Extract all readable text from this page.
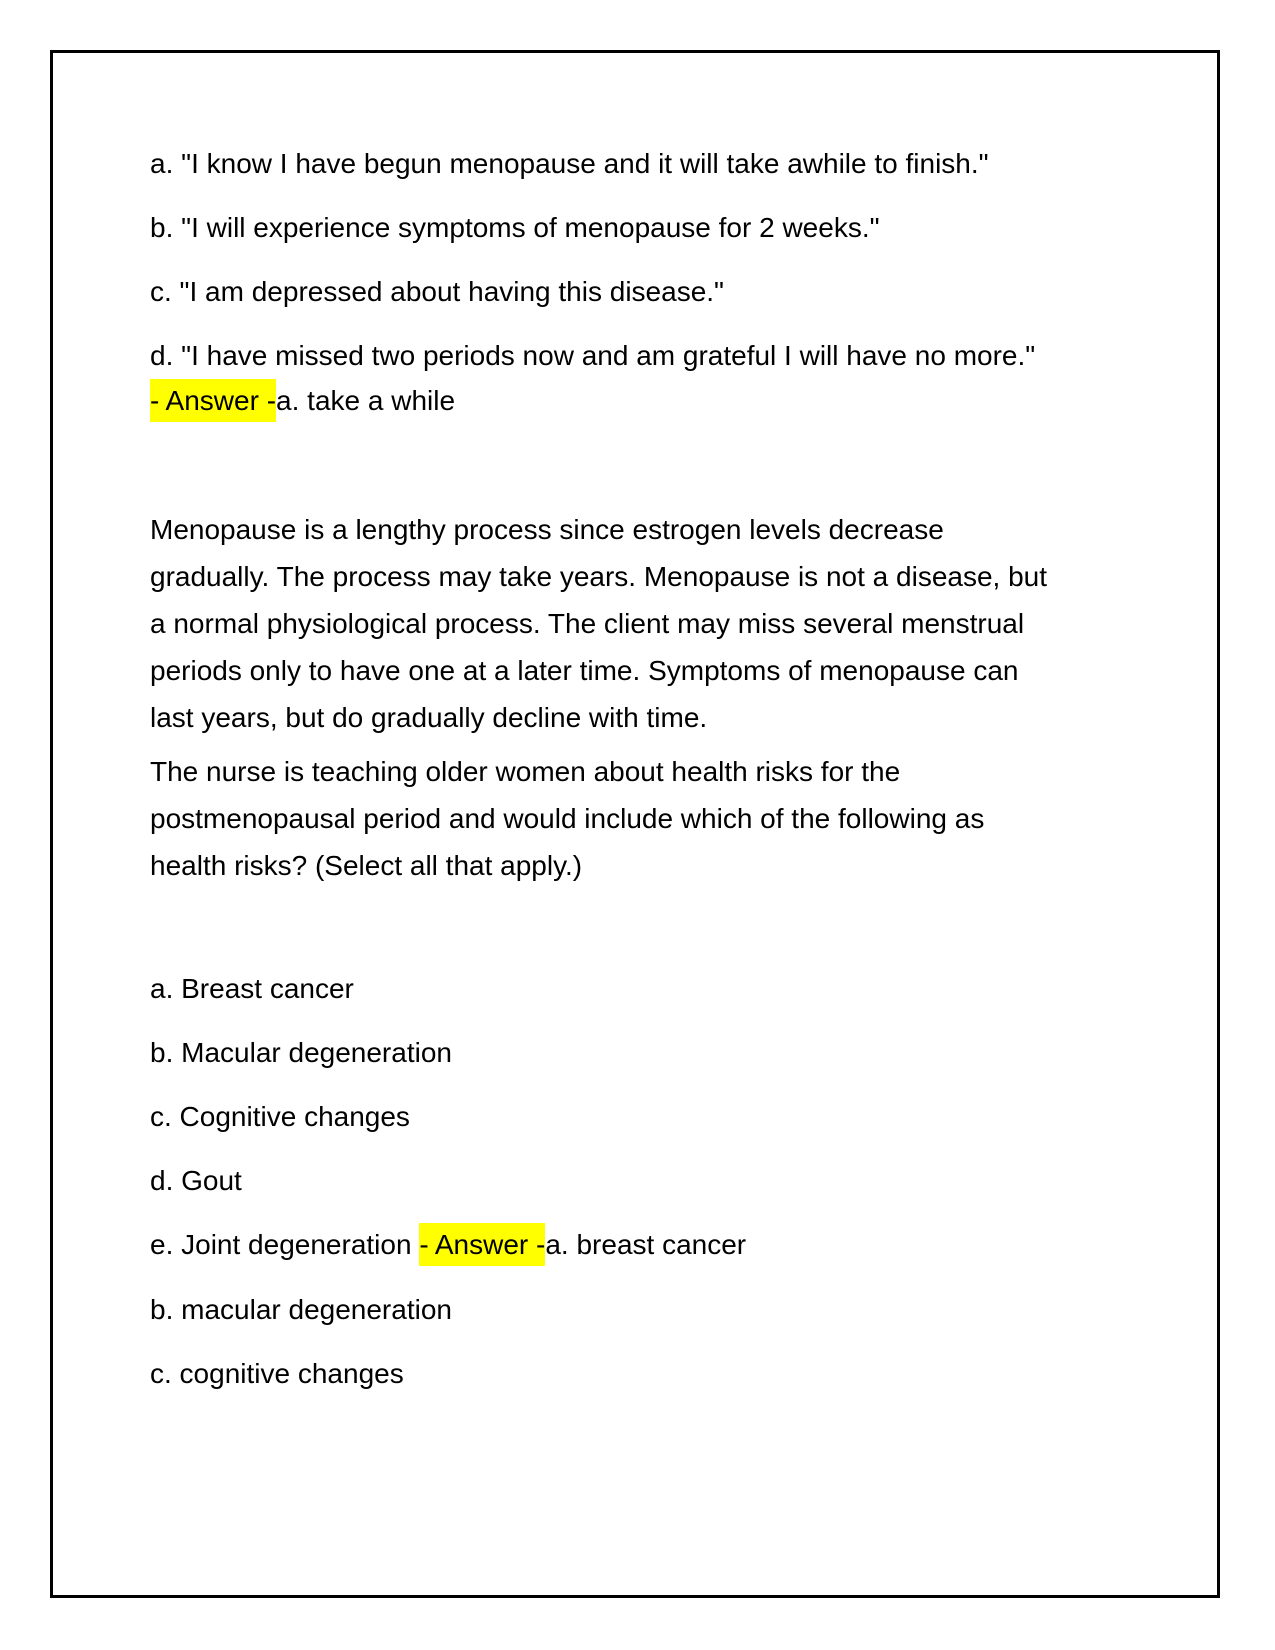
a. "I know I have begun menopause and it will take awhile to finish."
b. "I will experience symptoms of menopause for 2 weeks."
c. "I am depressed about having this disease."
d. "I have missed two periods now and am grateful I will have no more."
- Answer -a. take a while
Menopause is a lengthy process since estrogen levels decrease
gradually. The process may take years. Menopause is not a disease, but
a normal physiological process. The client may miss several menstrual
periods only to have one at a later time. Symptoms of menopause can
last years, but do gradually decline with time.
The nurse is teaching older women about health risks for the
postmenopausal period and would include which of the following as
health risks? (Select all that apply.)
a. Breast cancer
b. Macular degeneration
c. Cognitive changes
d. Gout
e. Joint degeneration - Answer -a. breast cancer
b. macular degeneration
c. cognitive changes
